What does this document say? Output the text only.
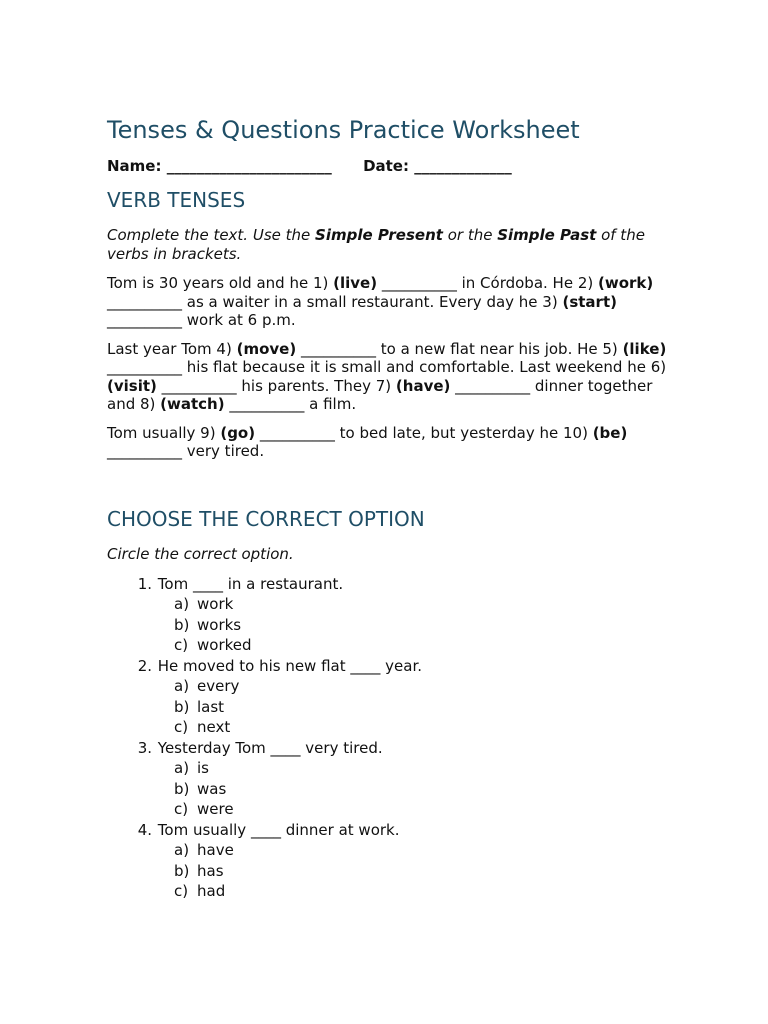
Tenses & Questions Practice Worksheet
Name: ______________________ Date: _____________
VERB TENSES

Complete the text. Use the Simple Present or the Simple Past of the verbs in brackets.

Tom is 30 years old and he 1) (live) __________ in Córdoba. He 2) (work) __________ as a waiter in a small restaurant. Every day he 3) (start) __________ work at 6 p.m.

Last year Tom 4) (move) __________ to a new flat near his job. He 5) (like) __________ his flat because it is small and comfortable. Last weekend he 6) (visit) __________ his parents. They 7) (have) __________ dinner together and 8) (watch) __________ a film.

Tom usually 9) (go) __________ to bed late, but yesterday he 10) (be) __________ very tired.

CHOOSE THE CORRECT OPTION

Circle the correct option.

1. Tom ____ in a restaurant.
a) work
b) works
c) worked
2. He moved to his new flat ____ year.
a) every
b) last
c) next
3. Yesterday Tom ____ very tired.
a) is
b) was
c) were
4. Tom usually ____ dinner at work.
a) have
b) has
c) had
